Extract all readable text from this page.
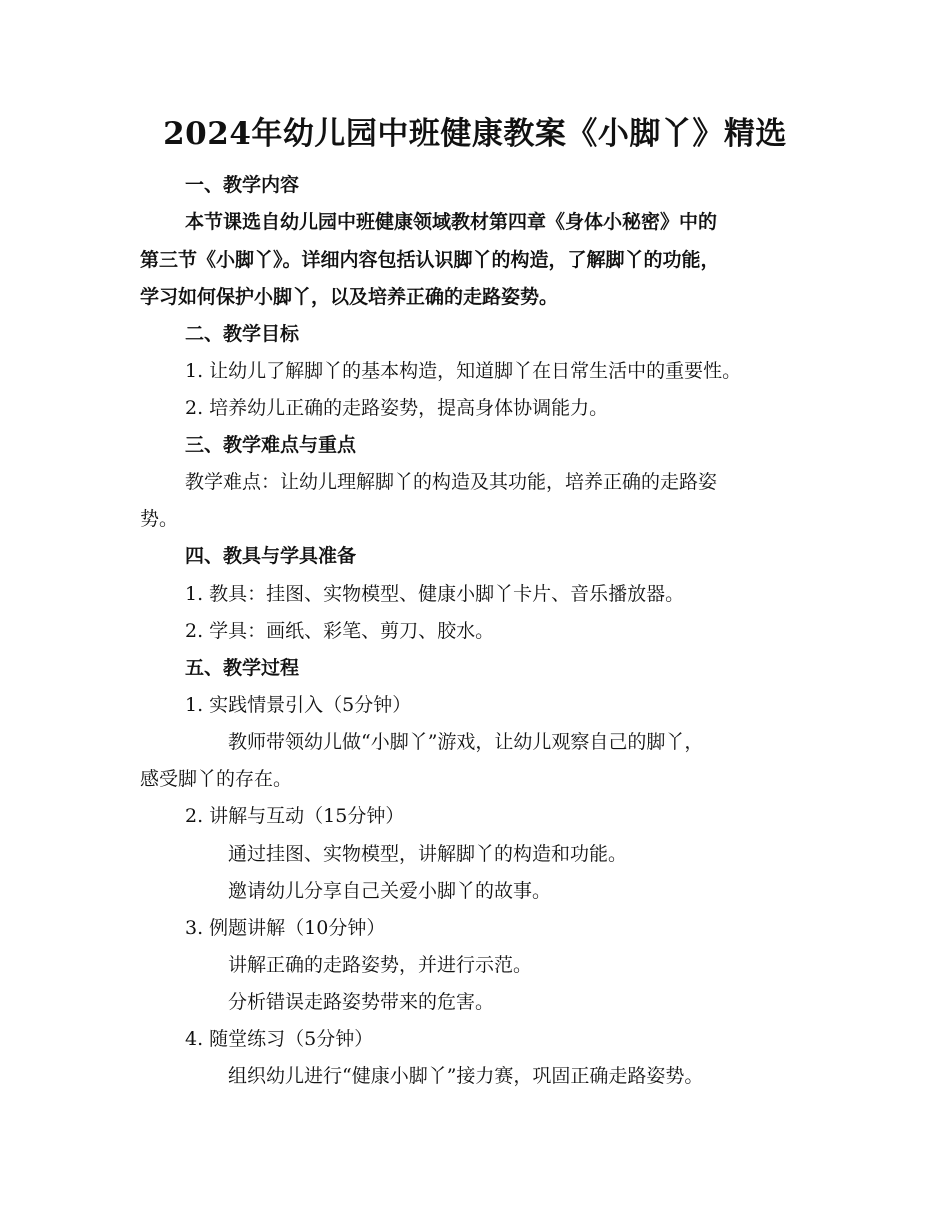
2024年幼儿园中班健康教案《小脚丫》精选
一、教学内容
本节课选自幼儿园中班健康领域教材第四章《身体小秘密》中的
第三节《小脚丫》。详细内容包括认识脚丫的构造，了解脚丫的功能，
学习如何保护小脚丫，以及培养正确的走路姿势。
二、教学目标
1. 让幼儿了解脚丫的基本构造，知道脚丫在日常生活中的重要性。
2. 培养幼儿正确的走路姿势，提高身体协调能力。
三、教学难点与重点
教学难点：让幼儿理解脚丫的构造及其功能，培养正确的走路姿
势。
四、教具与学具准备
1. 教具：挂图、实物模型、健康小脚丫卡片、音乐播放器。
2. 学具：画纸、彩笔、剪刀、胶水。
五、教学过程
1. 实践情景引入（5分钟）
教师带领幼儿做“小脚丫”游戏，让幼儿观察自己的脚丫，
感受脚丫的存在。
2. 讲解与互动（15分钟）
通过挂图、实物模型，讲解脚丫的构造和功能。
邀请幼儿分享自己关爱小脚丫的故事。
3. 例题讲解（10分钟）
讲解正确的走路姿势，并进行示范。
分析错误走路姿势带来的危害。
4. 随堂练习（5分钟）
组织幼儿进行“健康小脚丫”接力赛，巩固正确走路姿势。
